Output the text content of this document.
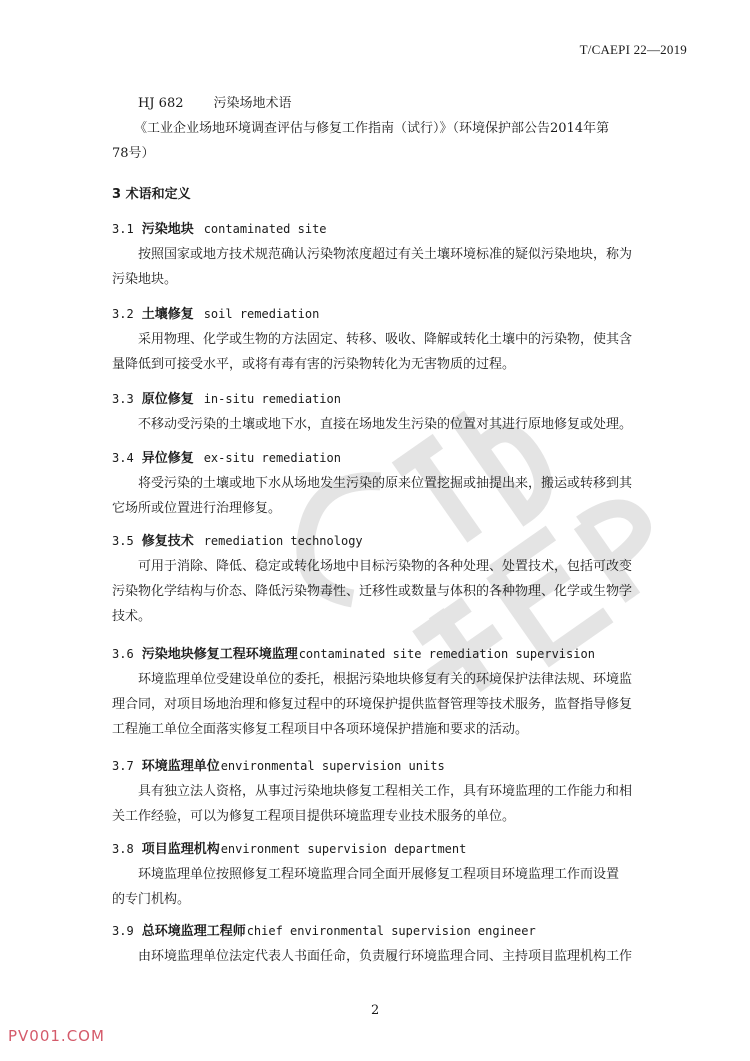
T/CAEPI 22—2019
HJ 682 污染场地术语
《工业企业场地环境调查评估与修复工作指南（试行）》（环境保护部公告2014年第
78号）
3 术语和定义
3.1 污染地块 contaminated site
按照国家或地方技术规范确认污染物浓度超过有关土壤环境标准的疑似污染地块，称为
污染地块。
3.2 土壤修复 soil remediation
采用物理、化学或生物的方法固定、转移、吸收、降解或转化土壤中的污染物，使其含
量降低到可接受水平，或将有毒有害的污染物转化为无害物质的过程。
3.3 原位修复 in-situ remediation
不移动受污染的土壤或地下水，直接在场地发生污染的位置对其进行原地修复或处理。
3.4 异位修复 ex-situ remediation
将受污染的土壤或地下水从场地发生污染的原来位置挖掘或抽提出来，搬运或转移到其
它场所或位置进行治理修复。
3.5 修复技术 remediation technology
可用于消除、降低、稳定或转化场地中目标污染物的各种处理、处置技术，包括可改变
污染物化学结构与价态、降低污染物毒性、迁移性或数量与体积的各种物理、化学或生物学
技术。
3.6 污染地块修复工程环境监理contaminated site remediation supervision
环境监理单位受建设单位的委托，根据污染地块修复有关的环境保护法律法规、环境监
理合同，对项目场地治理和修复过程中的环境保护提供监督管理等技术服务，监督指导修复
工程施工单位全面落实修复工程项目中各项环境保护措施和要求的活动。
3.7 环境监理单位environmental supervision units
具有独立法人资格，从事过污染地块修复工程相关工作，具有环境监理的工作能力和相
关工作经验，可以为修复工程项目提供环境监理专业技术服务的单位。
3.8 项目监理机构environment supervision department
环境监理单位按照修复工程环境监理合同全面开展修复工程项目环境监理工作而设置
的专门机构。
3.9 总环境监理工程师chief environmental supervision engineer
由环境监理单位法定代表人书面任命，负责履行环境监理合同、主持项目监理机构工作
2
PV001.COM
